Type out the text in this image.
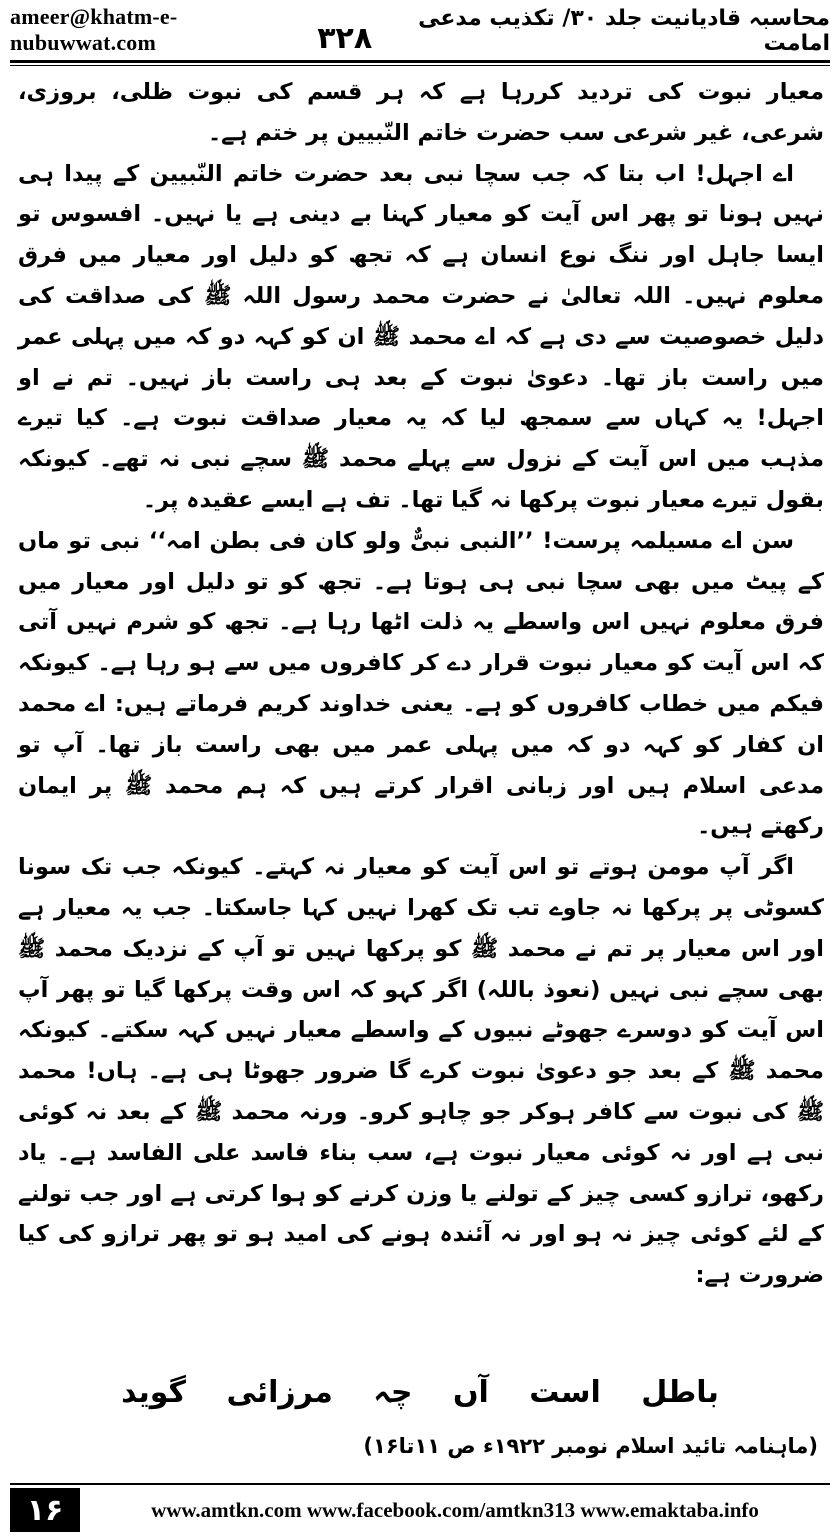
ameer@khatm-e-nubuwwat.com	۳۲۸
محاسبہ قادیانیت جلد ۳۰/ تکذیب مدعی امامت

معیار نبوت کی تردید کررہا ہے کہ ہر قسم کی نبوت ظلی، بروزی، شرعی، غیر شرعی سب حضرت خاتم النّبیین پر ختم ہے۔

اے اجہل! اب بتا کہ جب سچا نبی بعد حضرت خاتم النّبیین کے پیدا ہی نہیں ہونا تو پھر اس آیت کو معیار کہنا بے دینی ہے یا نہیں۔ افسوس تو ایسا جاہل اور ننگ نوع انسان ہے کہ تجھ کو دلیل اور معیار میں فرق معلوم نہیں۔ اللہ تعالیٰ نے حضرت محمد رسول اللہ ﷺ کی صداقت کی دلیل خصوصیت سے دی ہے کہ اے محمد ﷺ ان کو کہہ دو کہ میں پہلی عمر میں راست باز تھا۔ دعویٰ نبوت کے بعد ہی راست باز نہیں۔ تم نے او اجہل! یہ کہاں سے سمجھ لیا کہ یہ معیار صداقت نبوت ہے۔ کیا تیرے مذہب میں اس آیت کے نزول سے پہلے محمد ﷺ سچے نبی نہ تھے۔ کیونکہ بقول تیرے معیار نبوت پرکھا نہ گیا تھا۔ تف ہے ایسے عقیدہ پر۔

سن اے مسیلمہ پرست! ’’النبی نبیٌّ ولو کان فی بطن امہ‘‘ نبی تو ماں کے پیٹ میں بھی سچا نبی ہی ہوتا ہے۔ تجھ کو تو دلیل اور معیار میں فرق معلوم نہیں اس واسطے یہ ذلت اٹھا رہا ہے۔ تجھ کو شرم نہیں آتی کہ اس آیت کو معیار نبوت قرار دے کر کافروں میں سے ہو رہا ہے۔ کیونکہ فیکم میں خطاب کافروں کو ہے۔ یعنی خداوند کریم فرماتے ہیں: اے محمد ان کفار کو کہہ دو کہ میں پہلی عمر میں بھی راست باز تھا۔ آپ تو مدعی اسلام ہیں اور زبانی اقرار کرتے ہیں کہ ہم محمد ﷺ پر ایمان رکھتے ہیں۔

اگر آپ مومن ہوتے تو اس آیت کو معیار نہ کہتے۔ کیونکہ جب تک سونا کسوٹی پر پرکھا نہ جاوے تب تک کھرا نہیں کہا جاسکتا۔ جب یہ معیار ہے اور اس معیار پر تم نے محمد ﷺ کو پرکھا نہیں تو آپ کے نزدیک محمد ﷺ بھی سچے نبی نہیں (نعوذ باللہ) اگر کہو کہ اس وقت پرکھا گیا تو پھر آپ اس آیت کو دوسرے جھوٹے نبیوں کے واسطے معیار نہیں کہہ سکتے۔ کیونکہ محمد ﷺ کے بعد جو دعویٰ نبوت کرے گا ضرور جھوٹا ہی ہے۔ ہاں! محمد ﷺ کی نبوت سے کافر ہوکر جو چاہو کرو۔ ورنہ محمد ﷺ کے بعد نہ کوئی نبی ہے اور نہ کوئی معیار نبوت ہے، سب بناء فاسد علی الفاسد ہے۔ یاد رکھو، ترازو کسی چیز کے تولنے یا وزن کرنے کو ہوا کرتی ہے اور جب تولنے کے لئے کوئی چیز نہ ہو اور نہ آئندہ ہونے کی امید ہو تو پھر ترازو کی کیا ضرورت ہے:

باطل است آں چہ مرزائی گوید
(ماہنامہ تائید اسلام نومبر ۱۹۲۲ء ص ۱۱تا۱۶)
۱۶	www.amtkn.com www.facebook.com/amtkn313 www.emaktaba.info
